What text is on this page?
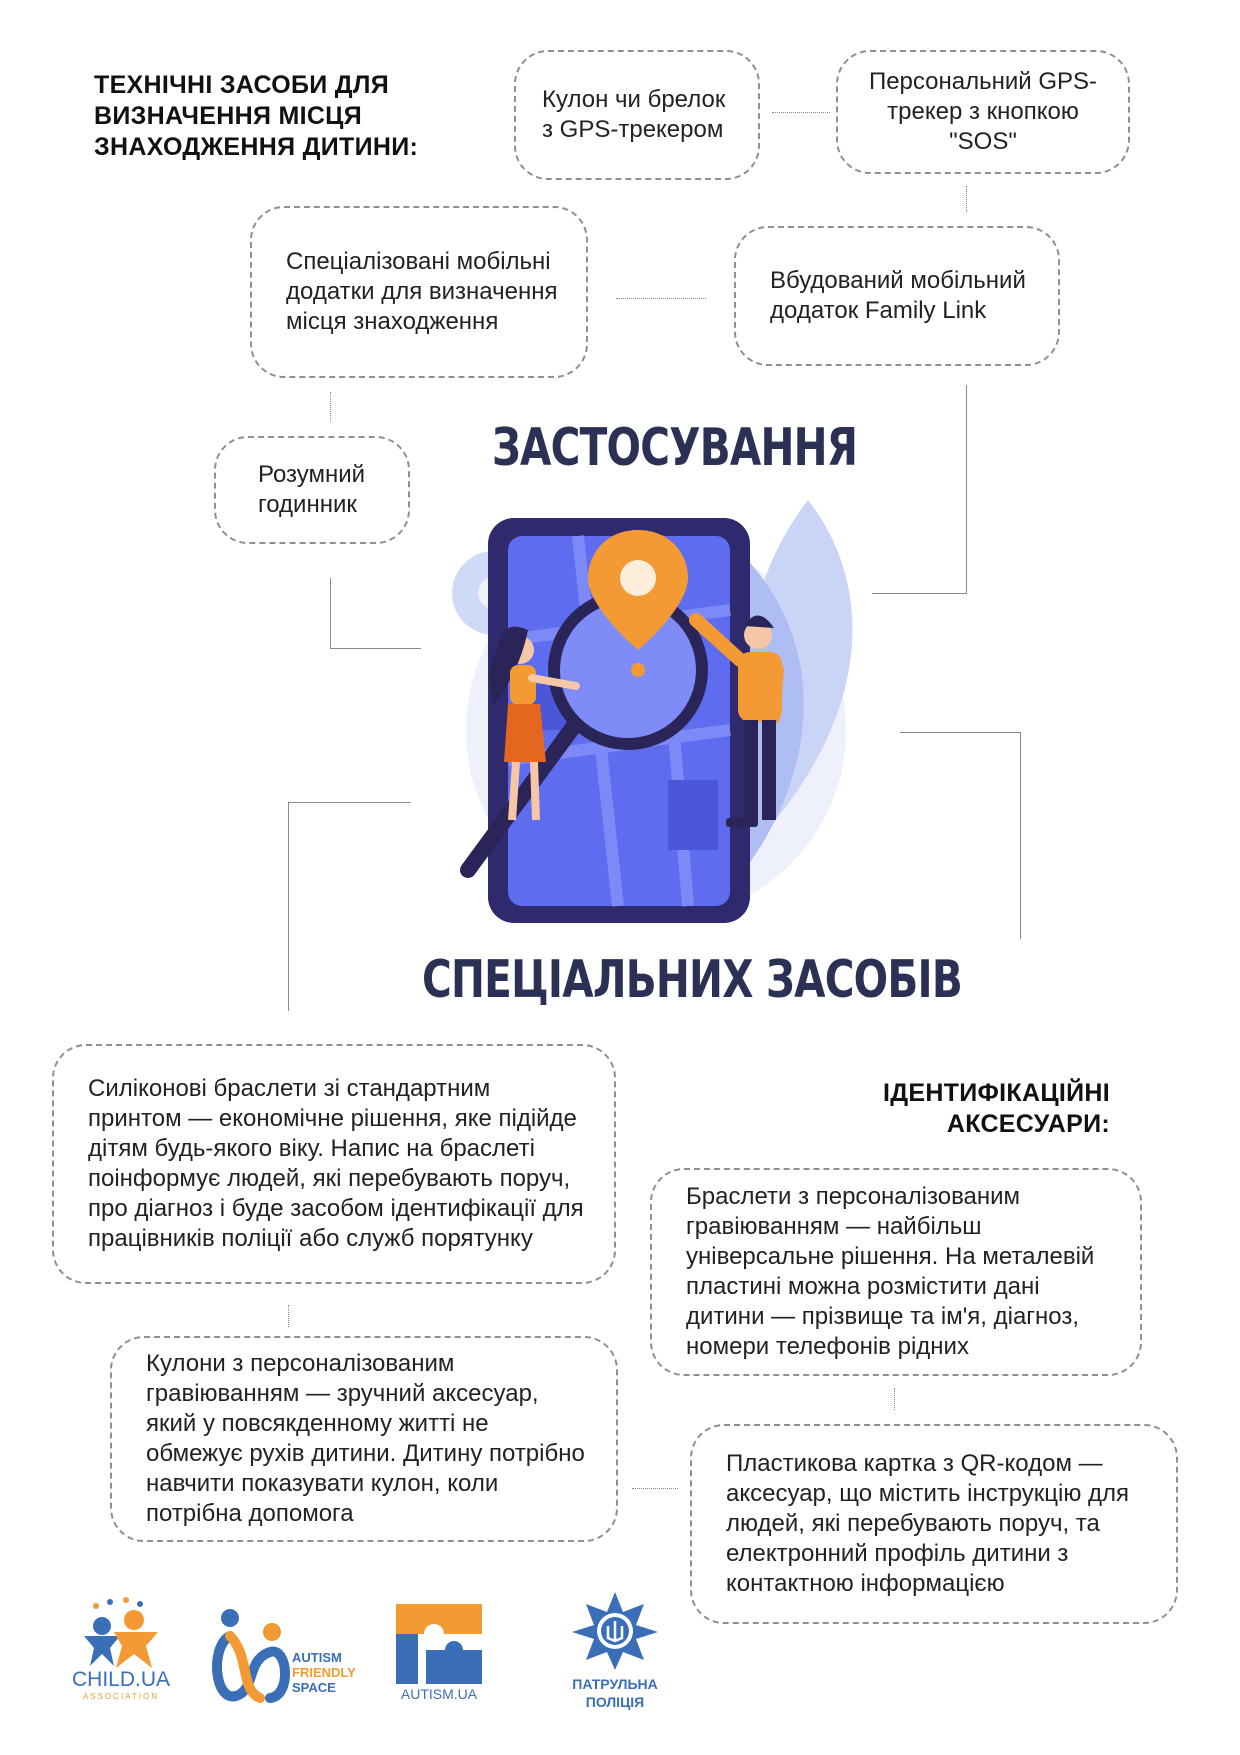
ТЕХНІЧНІ ЗАСОБИ ДЛЯ ВИЗНАЧЕННЯ МІСЦЯ ЗНАХОДЖЕННЯ ДИТИНИ:
ІДЕНТИФІКАЦІЙНІ АКСЕСУАРИ:
Кулон чи брелок з GPS-трекером
Персональний GPS-трекер з кнопкою "SOS"
Спеціалізовані мобільні додатки для визначення місця знаходження
Вбудований мобільний додаток Family Link
Розумний годинник
ЗАСТОСУВАННЯ
СПЕЦІАЛЬНИХ ЗАСОБІВ
Силіконові браслети зі стандартним принтом — економічне рішення, яке підійде дітям будь-якого віку. Напис на браслеті поінформує людей, які перебувають поруч, про діагноз і буде засобом ідентифікації для працівників поліції або служб порятунку
Браслети з персоналізованим гравіюванням — найбільш універсальне рішення. На металевій пластині можна розмістити дані дитини — прізвище та ім'я, діагноз, номери телефонів рідних
Кулони з персоналізованим гравіюванням — зручний аксесуар, який у повсякденному житті не обмежує рухів дитини. Дитину потрібно навчити показувати кулон, коли потрібна допомога
Пластикова картка з QR-кодом — аксесуар, що містить інструкцію для людей, які перебувають поруч, та електронний профіль дитини з контактною інформацією
CHILD.UA
ASSOCIATION
AUTISM
FRIENDLY
SPACE	AUTISM.UA
ПАТРУЛЬНА
ПОЛІЦІЯ
